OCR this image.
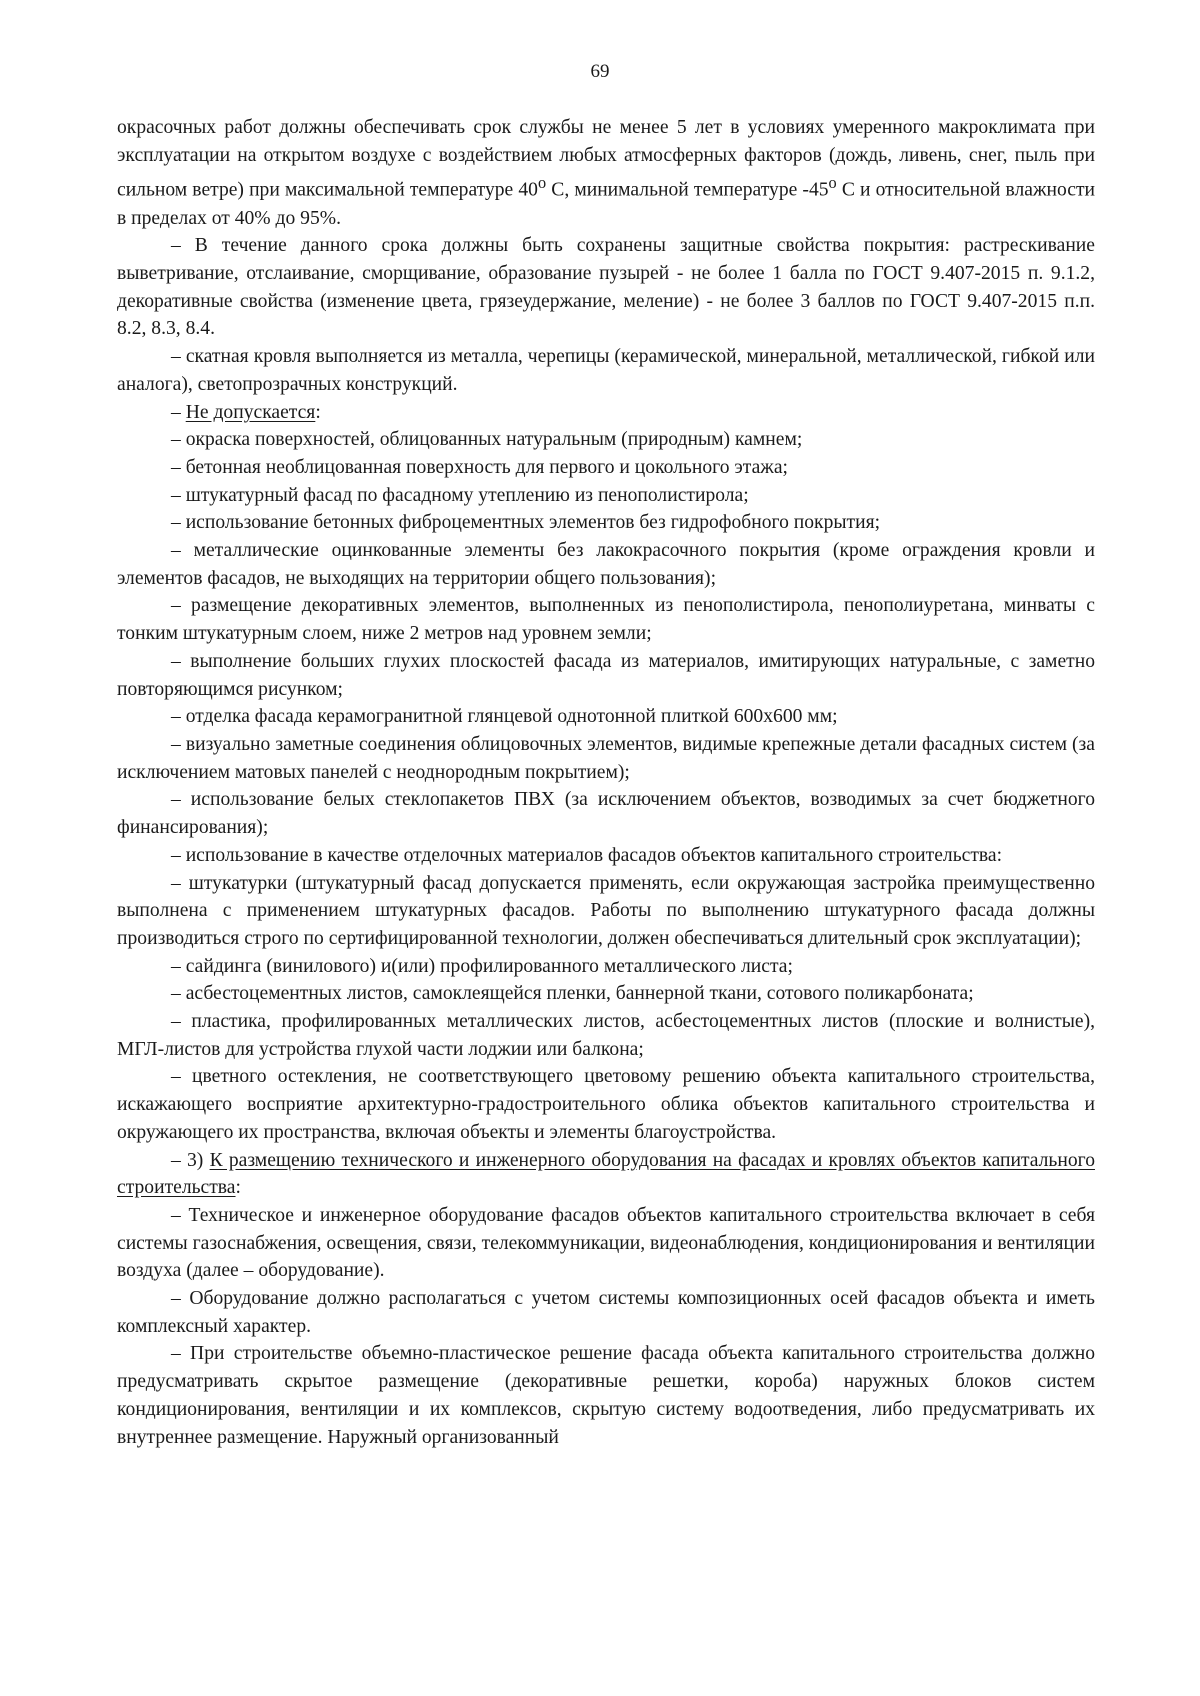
69

окрасочных работ должны обеспечивать срок службы не менее 5 лет в условиях умеренного макроклимата при эксплуатации на открытом воздухе с воздействием любых атмосферных факторов (дождь, ливень, снег, пыль при сильном ветре) при максимальной температуре 40$^o$ С, минимальной температуре -45$^o$ С и относительной влажности в пределах от 40% до 95%.

– В течение данного срока должны быть сохранены защитные свойства покрытия: растрескивание выветривание, отслаивание, сморщивание, образование пузырей - не более 1 балла по ГОСТ 9.407-2015 п. 9.1.2, декоративные свойства (изменение цвета, грязеудержание, меление) - не более 3 баллов по ГОСТ 9.407-2015 п.п. 8.2, 8.3, 8.4.

– скатная кровля выполняется из металла, черепицы (керамической, минеральной, металлической, гибкой или аналога), светопрозрачных конструкций.

– Не допускается:

– окраска поверхностей, облицованных натуральным (природным) камнем;

– бетонная необлицованная поверхность для первого и цокольного этажа;

– штукатурный фасад по фасадному утеплению из пенополистирола;

– использование бетонных фиброцементных элементов без гидрофобного покрытия;

– металлические оцинкованные элементы без лакокрасочного покрытия (кроме ограждения кровли и элементов фасадов, не выходящих на территории общего пользования);

– размещение декоративных элементов, выполненных из пенополистирола, пенополиуретана, минваты с тонким штукатурным слоем, ниже 2 метров над уровнем земли;

– выполнение больших глухих плоскостей фасада из материалов, имитирующих натуральные, с заметно повторяющимся рисунком;

– отделка фасада керамогранитной глянцевой однотонной плиткой 600х600 мм;

– визуально заметные соединения облицовочных элементов, видимые крепежные детали фасадных систем (за исключением матовых панелей с неоднородным покрытием);

– использование белых стеклопакетов ПВХ (за исключением объектов, возводимых за счет бюджетного финансирования);

– использование в качестве отделочных материалов фасадов объектов капитального строительства:

– штукатурки (штукатурный фасад допускается применять, если окружающая застройка преимущественно выполнена с применением штукатурных фасадов. Работы по выполнению штукатурного фасада должны производиться строго по сертифицированной технологии, должен обеспечиваться длительный срок эксплуатации);

– сайдинга (винилового) и(или) профилированного металлического листа;

– асбестоцементных листов, самоклеящейся пленки, баннерной ткани, сотового поликарбоната;

– пластика, профилированных металлических листов, асбестоцементных листов (плоские и волнистые), МГЛ-листов для устройства глухой части лоджии или балкона;

– цветного остекления, не соответствующего цветовому решению объекта капитального строительства, искажающего восприятие архитектурно-градостроительного облика объектов капитального строительства и окружающего их пространства, включая объекты и элементы благоустройства.

– 3) К размещению технического и инженерного оборудования на фасадах и кровлях объектов капитального строительства:

– Техническое и инженерное оборудование фасадов объектов капитального строительства включает в себя системы газоснабжения, освещения, связи, телекоммуникации, видеонаблюдения, кондиционирования и вентиляции воздуха (далее – оборудование).

– Оборудование должно располагаться с учетом системы композиционных осей фасадов объекта и иметь комплексный характер.

– При строительстве объемно-пластическое решение фасада объекта капитального строительства должно предусматривать скрытое размещение (декоративные решетки, короба) наружных блоков систем кондиционирования, вентиляции и их комплексов, скрытую систему водоотведения, либо предусматривать их внутреннее размещение. Наружный организованный
